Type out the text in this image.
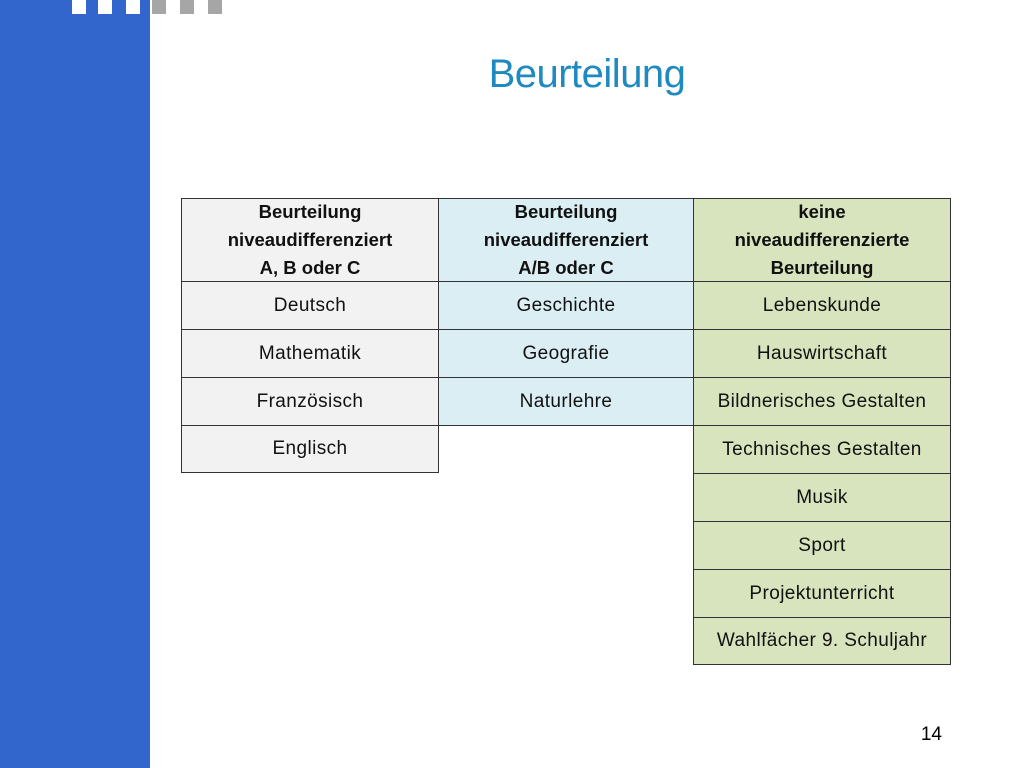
Beurteilung
Beurteilung
niveaudifferenziert
A, B oder C
Beurteilung
niveaudifferenziert
A/B oder C
keine
niveaudifferenzierte
Beurteilung
Deutsch
Mathematik
Französisch
Englisch
Geschichte
Geografie
Naturlehre
Lebenskunde
Hauswirtschaft
Bildnerisches Gestalten
Technisches Gestalten
Musik
Sport
Projektunterricht
Wahlfächer 9. Schuljahr
14
